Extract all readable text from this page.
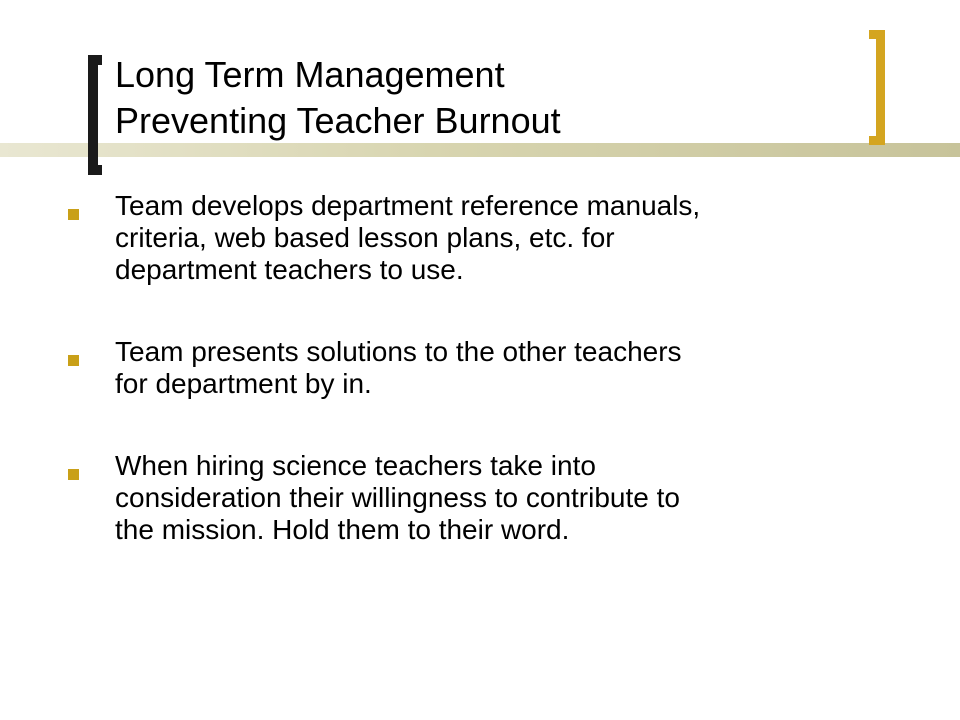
Long Term Management
Preventing Teacher Burnout
Team develops department reference manuals,
criteria, web based lesson plans, etc. for
department teachers to use.
Team presents solutions to the other teachers
for department by in.
When hiring science teachers take into
consideration their willingness to contribute to
the mission. Hold them to their word.
